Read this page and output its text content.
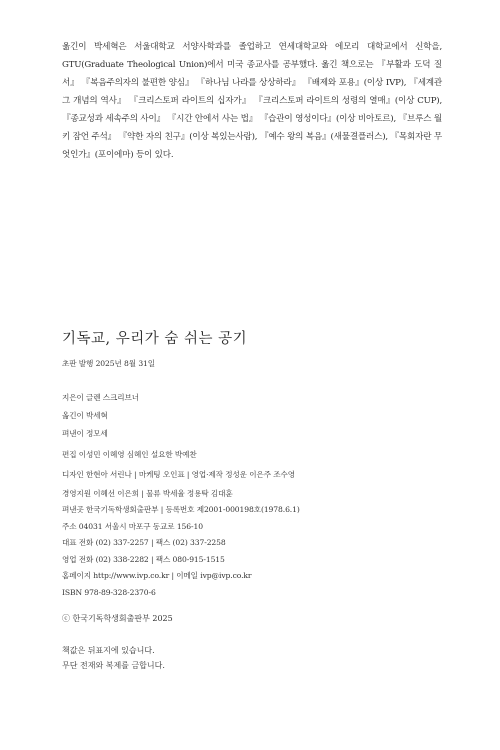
옮긴이 박세혁은 서울대학교 서양사학과를 졸업하고 연세대학교와 에모리 대학교에서 신학을, GTU(Graduate Theological Union)에서 미국 종교사를 공부했다. 옮긴 책으로는 『부활과 도덕 질서』 『복음주의자의 불편한 양심』 『하나님 나라를 상상하라』 『배제와 포용』(이상 IVP), 『세계관 그 개념의 역사』 『크리스토퍼 라이트의 십자가』 『크리스토퍼 라이트의 성령의 열매』(이상 CUP), 『종교성과 세속주의 사이』 『시간 안에서 사는 법』 『습관이 영성이다』(이상 비아토르), 『브루스 월키 잠언 주석』 『약한 자의 친구』(이상 복있는사람), 『예수 왕의 복음』(새물결플러스), 『목회자란 무엇인가』(포이에마) 등이 있다.

기독교, 우리가 숨 쉬는 공기
초판 발행 2025년 8월 31일
지은이 글렌 스크리브너
옮긴이 박세혁
펴낸이 정모세
편집 이성민 이혜영 심혜인 설요한 박예찬
디자인 한현아 서린나 | 마케팅 오인표 | 영업·제작 정성운 이은주 조수영
경영지원 이혜선 이은희 | 물류 박세율 정용탁 김대훈
펴낸곳 한국기독학생회출판부 | 등록번호 제2001-000198호(1978.6.1)
주소 04031 서울시 마포구 동교로 156-10
대표 전화 (02) 337-2257 | 팩스 (02) 337-2258
영업 전화 (02) 338-2282 | 팩스 080-915-1515
홈페이지 http://www.ivp.co.kr | 이메일 ivp@ivp.co.kr
ISBN 978-89-328-2370-6
ⓒ 한국기독학생회출판부 2025
책값은 뒤표지에 있습니다.
무단 전재와 복제를 금합니다.
